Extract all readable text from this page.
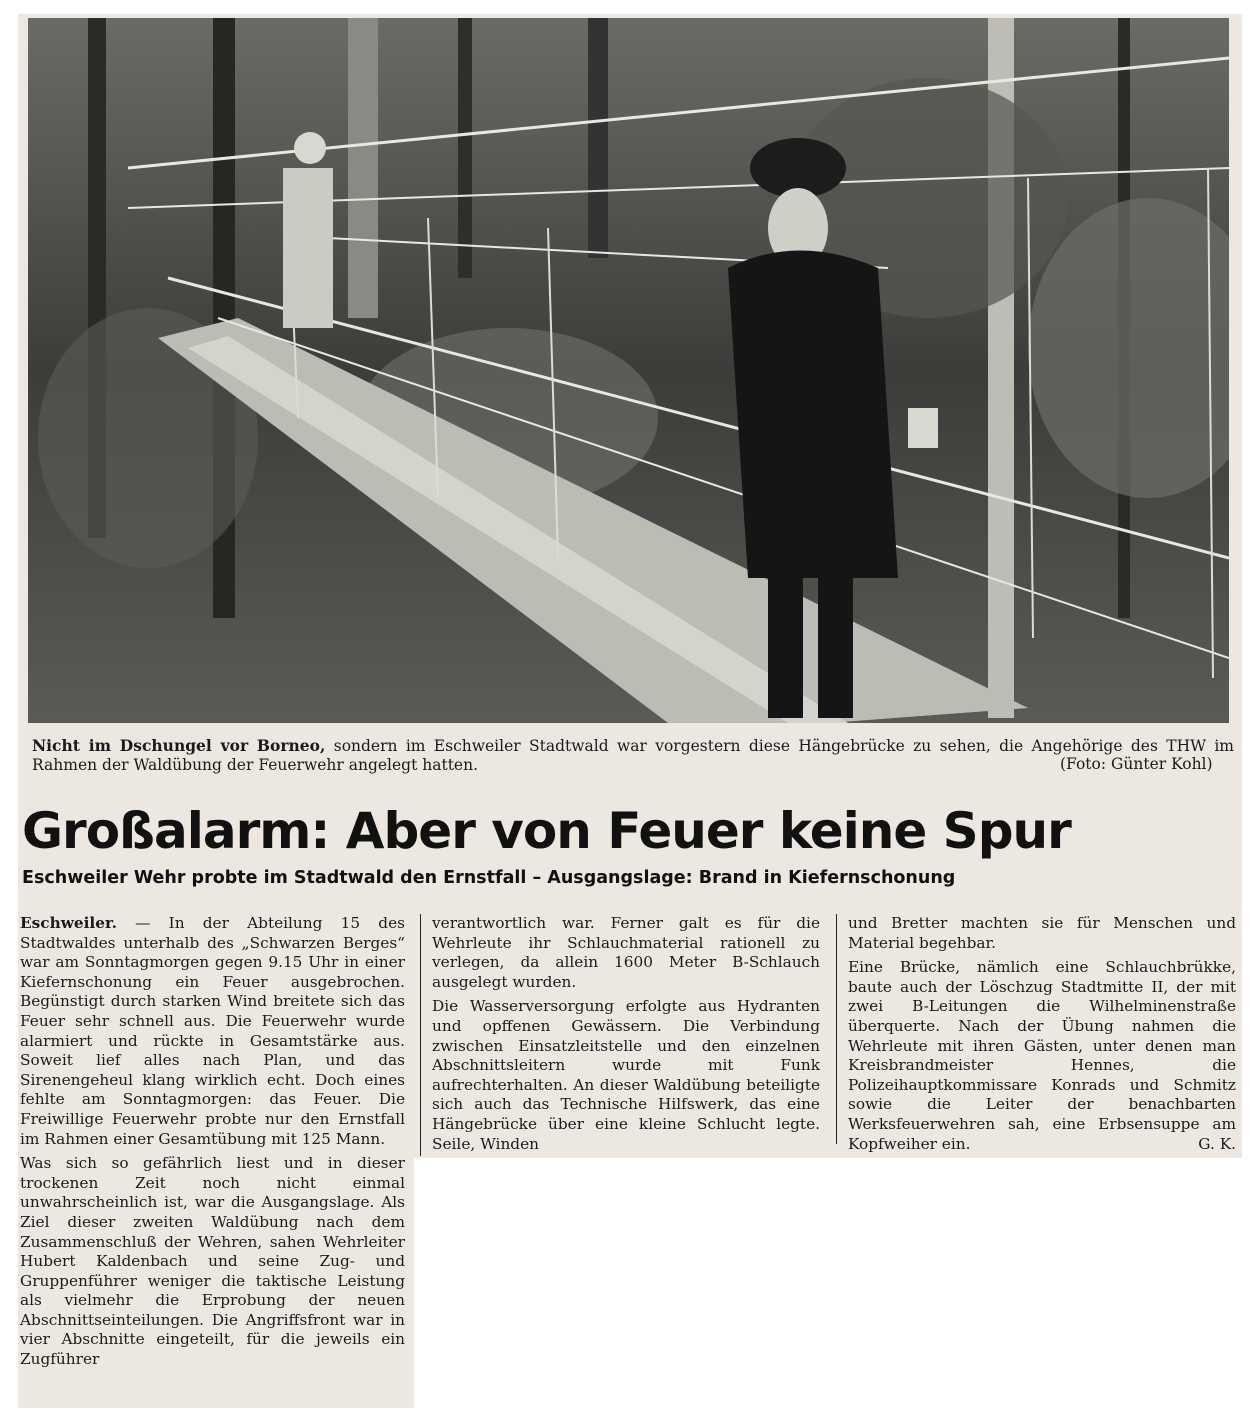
Nicht im Dschungel vor Borneo, sondern im Eschweiler Stadtwald war vorgestern diese Hängebrücke zu sehen, die Angehörige des THW im Rahmen der Waldübung der Feuerwehr angelegt hatten.	(Foto: Günter Kohl)
Großalarm: Aber von Feuer keine Spur
Eschweiler Wehr probte im Stadtwald den Ernstfall – Ausgangslage: Brand in Kiefernschonung

Eschweiler. — In der Abteilung 15 des Stadtwaldes unterhalb des „Schwarzen Berges“ war am Sonntagmorgen gegen 9.15 Uhr in einer Kiefernschonung ein Feuer ausgebrochen. Begünstigt durch starken Wind breitete sich das Feuer sehr schnell aus. Die Feuerwehr wurde alarmiert und rückte in Gesamtstärke aus. Soweit lief alles nach Plan, und das Sirenengeheul klang wirklich echt. Doch eines fehlte am Sonntagmorgen: das Feuer. Die Freiwillige Feuerwehr probte nur den Ernstfall im Rahmen einer Gesamtübung mit 125 Mann.

Was sich so gefährlich liest und in dieser trockenen Zeit noch nicht einmal unwahrscheinlich ist, war die Ausgangslage. Als Ziel dieser zweiten Waldübung nach dem Zusammenschluß der Wehren, sahen Wehrleiter Hubert Kaldenbach und seine Zug- und Gruppenführer weniger die taktische Leistung als vielmehr die Erprobung der neuen Abschnittseinteilungen. Die Angriffsfront war in vier Abschnitte eingeteilt, für die jeweils ein Zugführer

verantwortlich war. Ferner galt es für die Wehrleute ihr Schlauchmaterial rationell zu verlegen, da allein 1600 Meter B-Schlauch ausgelegt wurden.

Die Wasserversorgung erfolgte aus Hydranten und opffenen Gewässern. Die Verbindung zwischen Einsatzleitstelle und den einzelnen Abschnittsleitern wurde mit Funk aufrechterhalten. An dieser Waldübung beteiligte sich auch das Technische Hilfswerk, das eine Hängebrücke über eine kleine Schlucht legte. Seile, Winden

und Bretter machten sie für Menschen und Material begehbar.

Eine Brücke, nämlich eine Schlauchbrükke, baute auch der Löschzug Stadtmitte II, der mit zwei B-Leitungen die Wilhelminenstraße überquerte. Nach der Übung nahmen die Wehrleute mit ihren Gästen, unter denen man Kreisbrandmeister Hennes, die Polizeihauptkommissare Konrads und Schmitz sowie die Leiter der benachbarten Werksfeuerwehren sah, eine Erbsensuppe am Kopfweiher ein.	G. K.
